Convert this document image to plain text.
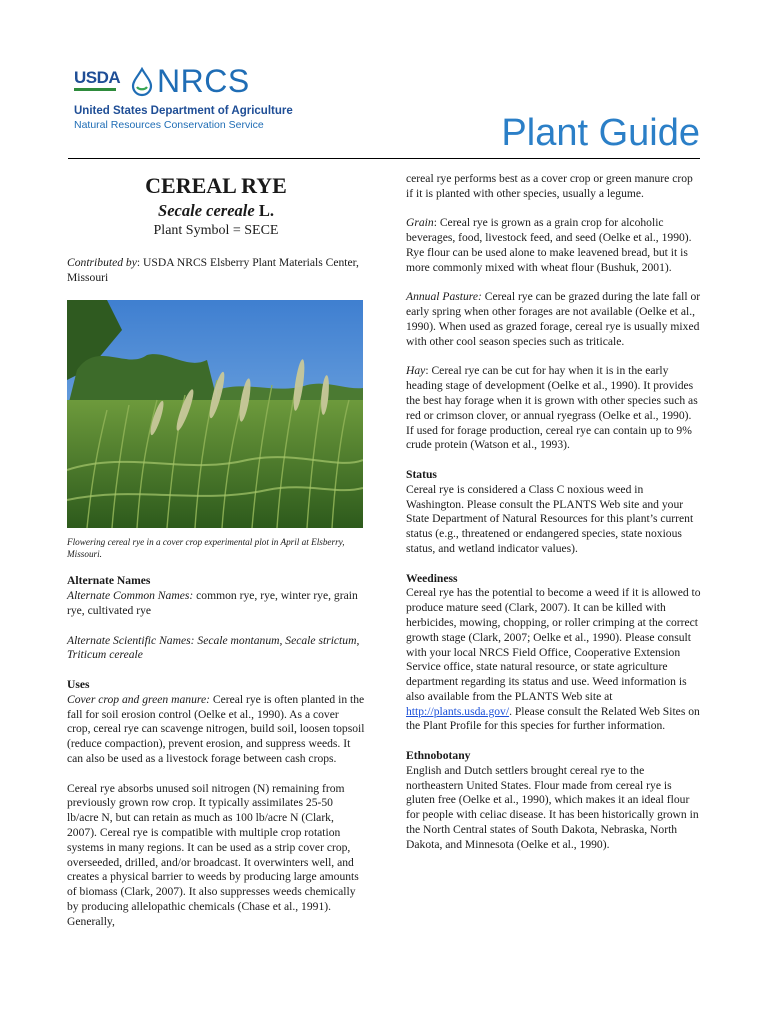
USDA NRCS
United States Department of Agriculture
Natural Resources Conservation Service	Plant Guide
CEREAL RYE
Secale cereale L.
Plant Symbol = SECE
Contributed by: USDA NRCS Elsberry Plant Materials Center, Missouri

Flowering cereal rye in a cover crop experimental plot in April at Elsberry, Missouri.

Alternate Names

Alternate Common Names: common rye, rye, winter rye, grain rye, cultivated rye

Alternate Scientific Names: Secale montanum, Secale strictum, Triticum cereale

Uses

Cover crop and green manure: Cereal rye is often planted in the fall for soil erosion control (Oelke et al., 1990). As a cover crop, cereal rye can scavenge nitrogen, build soil, loosen topsoil (reduce compaction), prevent erosion, and suppress weeds. It can also be used as a livestock forage between cash crops.

Cereal rye absorbs unused soil nitrogen (N) remaining from previously grown row crop. It typically assimilates 25-50 lb/acre N, but can retain as much as 100 lb/acre N (Clark, 2007). Cereal rye is compatible with multiple crop rotation systems in many regions. It can be used as a strip cover crop, overseeded, drilled, and/or broadcast. It overwinters well, and creates a physical barrier to weeds by producing large amounts of biomass (Clark, 2007). It also suppresses weeds chemically by producing allelopathic chemicals (Chase et al., 1991). Generally,

cereal rye performs best as a cover crop or green manure crop if it is planted with other species, usually a legume.

Grain: Cereal rye is grown as a grain crop for alcoholic beverages, food, livestock feed, and seed (Oelke et al., 1990). Rye flour can be used alone to make leavened bread, but it is more commonly mixed with wheat flour (Bushuk, 2001).

Annual Pasture: Cereal rye can be grazed during the late fall or early spring when other forages are not available (Oelke et al., 1990). When used as grazed forage, cereal rye is usually mixed with other cool season species such as triticale.

Hay: Cereal rye can be cut for hay when it is in the early heading stage of development (Oelke et al., 1990). It provides the best hay forage when it is grown with other species such as red or crimson clover, or annual ryegrass (Oelke et al., 1990). If used for forage production, cereal rye can contain up to 9% crude protein (Watson et al., 1993).

Status

Cereal rye is considered a Class C noxious weed in Washington. Please consult the PLANTS Web site and your State Department of Natural Resources for this plant’s current status (e.g., threatened or endangered species, state noxious status, and wetland indicator values).

Weediness

Cereal rye has the potential to become a weed if it is allowed to produce mature seed (Clark, 2007). It can be killed with herbicides, mowing, chopping, or roller crimping at the correct growth stage (Clark, 2007; Oelke et al., 1990). Please consult with your local NRCS Field Office, Cooperative Extension Service office, state natural resource, or state agriculture department regarding its status and use. Weed information is also available from the PLANTS Web site at http://plants.usda.gov/. Please consult the Related Web Sites on the Plant Profile for this species for further information.

Ethnobotany

English and Dutch settlers brought cereal rye to the northeastern United States. Flour made from cereal rye is gluten free (Oelke et al., 1990), which makes it an ideal flour for people with celiac disease. It has been historically grown in the North Central states of South Dakota, Nebraska, North Dakota, and Minnesota (Oelke et al., 1990).
